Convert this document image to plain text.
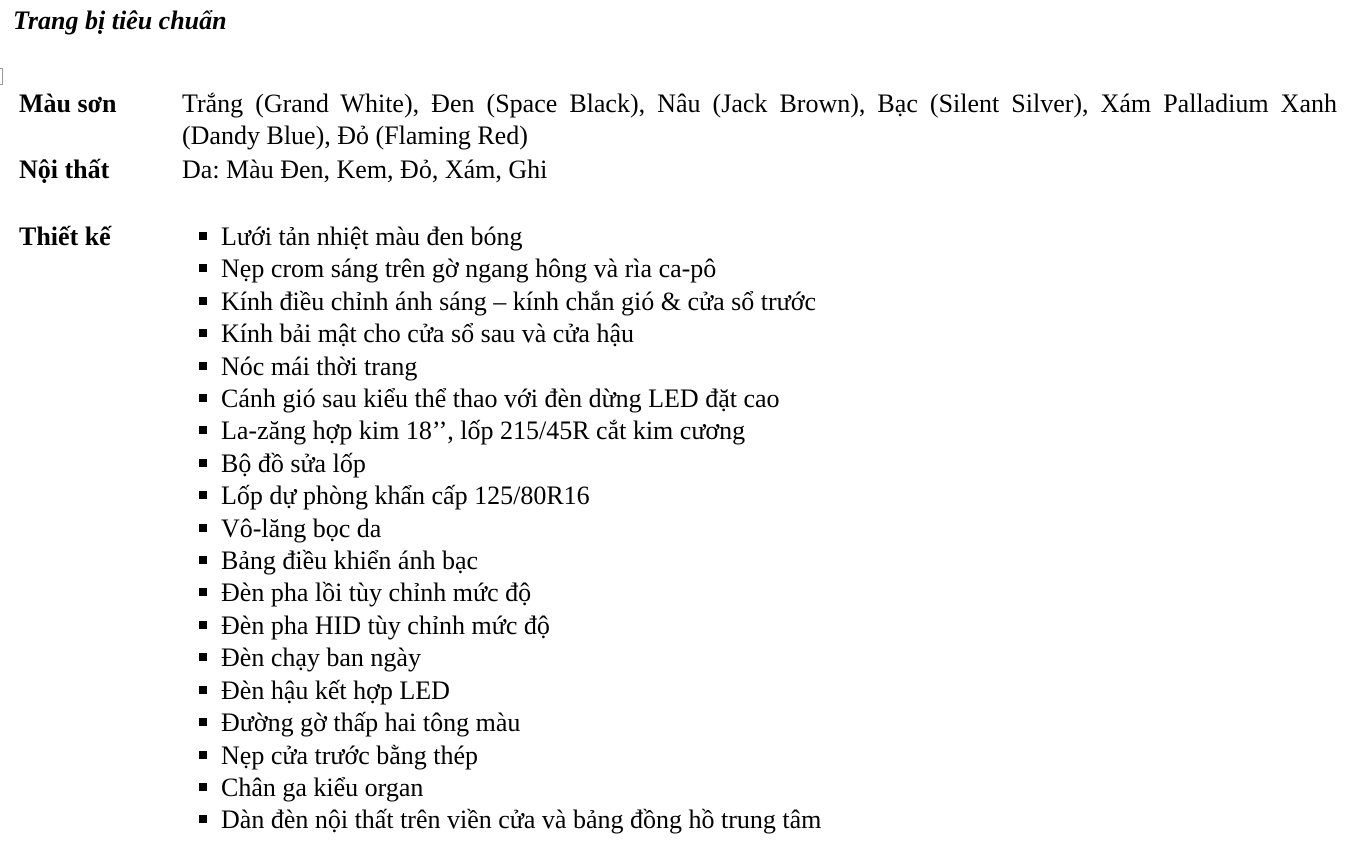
Trang bị tiêu chuẩn
Màu sơn	Trắng (Grand White), Đen (Space Black), Nâu (Jack Brown), Bạc (Silent Silver), Xám Palladium Xanh (Dandy Blue), Đỏ (Flaming Red)
Nội thất	Da: Màu Đen, Kem, Đỏ, Xám, Ghi
Thiết kế	Lưới tản nhiệt màu đen bóng
Nẹp crom sáng trên gờ ngang hông và rìa ca-pô
Kính điều chỉnh ánh sáng – kính chắn gió & cửa sổ trước
Kính bải mật cho cửa sổ sau và cửa hậu
Nóc mái thời trang
Cánh gió sau kiểu thể thao với đèn dừng LED đặt cao
La-zăng hợp kim 18’’, lốp 215/45R cắt kim cương
Bộ đồ sửa lốp
Lốp dự phòng khẩn cấp 125/80R16
Vô-lăng bọc da
Bảng điều khiển ánh bạc
Đèn pha lồi tùy chỉnh mức độ
Đèn pha HID tùy chỉnh mức độ
Đèn chạy ban ngày
Đèn hậu kết hợp LED
Đường gờ thấp hai tông màu
Nẹp cửa trước bằng thép
Chân ga kiểu organ
Dàn đèn nội thất trên viền cửa và bảng đồng hồ trung tâm
